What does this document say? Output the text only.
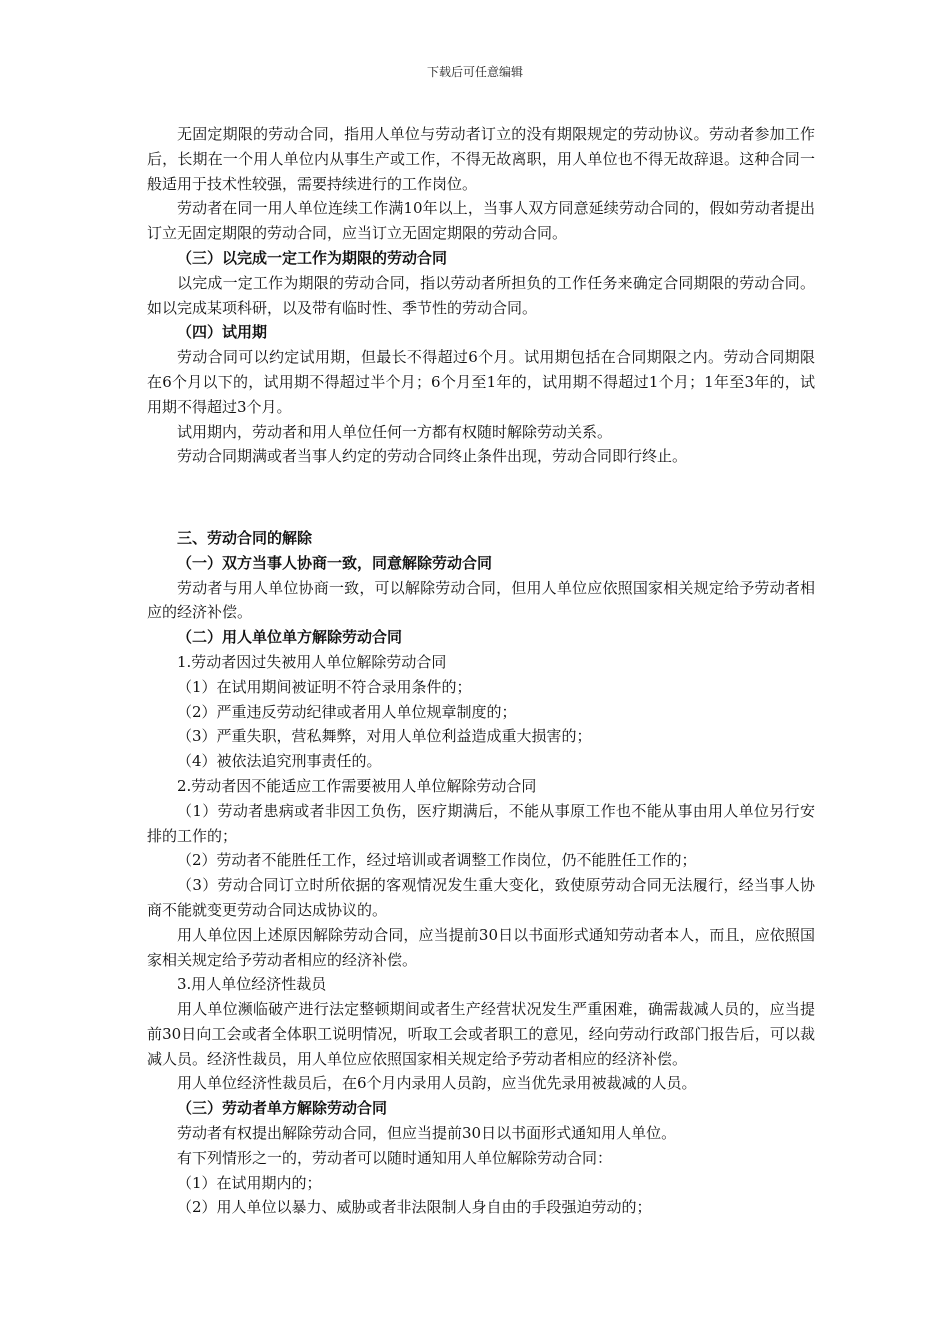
下载后可任意编辑

无固定期限的劳动合同，指用人单位与劳动者订立的没有期限规定的劳动协议。劳动者参加工作后，长期在一个用人单位内从事生产或工作，不得无故离职，用人单位也不得无故辞退。这种合同一般适用于技术性较强，需要持续进行的工作岗位。

劳动者在同一用人单位连续工作满10年以上，当事人双方同意延续劳动合同的，假如劳动者提出订立无固定期限的劳动合同，应当订立无固定期限的劳动合同。

（三）以完成一定工作为期限的劳动合同

以完成一定工作为期限的劳动合同，指以劳动者所担负的工作任务来确定合同期限的劳动合同。如以完成某项科研，以及带有临时性、季节性的劳动合同。

（四）试用期

劳动合同可以约定试用期，但最长不得超过6个月。试用期包括在合同期限之内。劳动合同期限在6个月以下的，试用期不得超过半个月；6个月至1年的，试用期不得超过1个月；1年至3年的，试用期不得超过3个月。

试用期内，劳动者和用人单位任何一方都有权随时解除劳动关系。

劳动合同期满或者当事人约定的劳动合同终止条件出现，劳动合同即行终止。

三、劳动合同的解除

（一）双方当事人协商一致，同意解除劳动合同

劳动者与用人单位协商一致，可以解除劳动合同，但用人单位应依照国家相关规定给予劳动者相应的经济补偿。

（二）用人单位单方解除劳动合同

1.劳动者因过失被用人单位解除劳动合同

（1）在试用期间被证明不符合录用条件的；

（2）严重违反劳动纪律或者用人单位规章制度的；

（3）严重失职，营私舞弊，对用人单位利益造成重大损害的；

（4）被依法追究刑事责任的。

2.劳动者因不能适应工作需要被用人单位解除劳动合同

（1）劳动者患病或者非因工负伤，医疗期满后，不能从事原工作也不能从事由用人单位另行安排的工作的；

（2）劳动者不能胜任工作，经过培训或者调整工作岗位，仍不能胜任工作的；

（3）劳动合同订立时所依据的客观情况发生重大变化，致使原劳动合同无法履行，经当事人协商不能就变更劳动合同达成协议的。

用人单位因上述原因解除劳动合同，应当提前30日以书面形式通知劳动者本人，而且，应依照国家相关规定给予劳动者相应的经济补偿。

3.用人单位经济性裁员

用人单位濒临破产进行法定整顿期间或者生产经营状况发生严重困难，确需裁减人员的，应当提前30日向工会或者全体职工说明情况，听取工会或者职工的意见，经向劳动行政部门报告后，可以裁减人员。经济性裁员，用人单位应依照国家相关规定给予劳动者相应的经济补偿。

用人单位经济性裁员后，在6个月内录用人员韵，应当优先录用被裁减的人员。

（三）劳动者单方解除劳动合同

劳动者有权提出解除劳动合同，但应当提前30日以书面形式通知用人单位。

有下列情形之一的，劳动者可以随时通知用人单位解除劳动合同：

（1）在试用期内的；

（2）用人单位以暴力、威胁或者非法限制人身自由的手段强迫劳动的；
